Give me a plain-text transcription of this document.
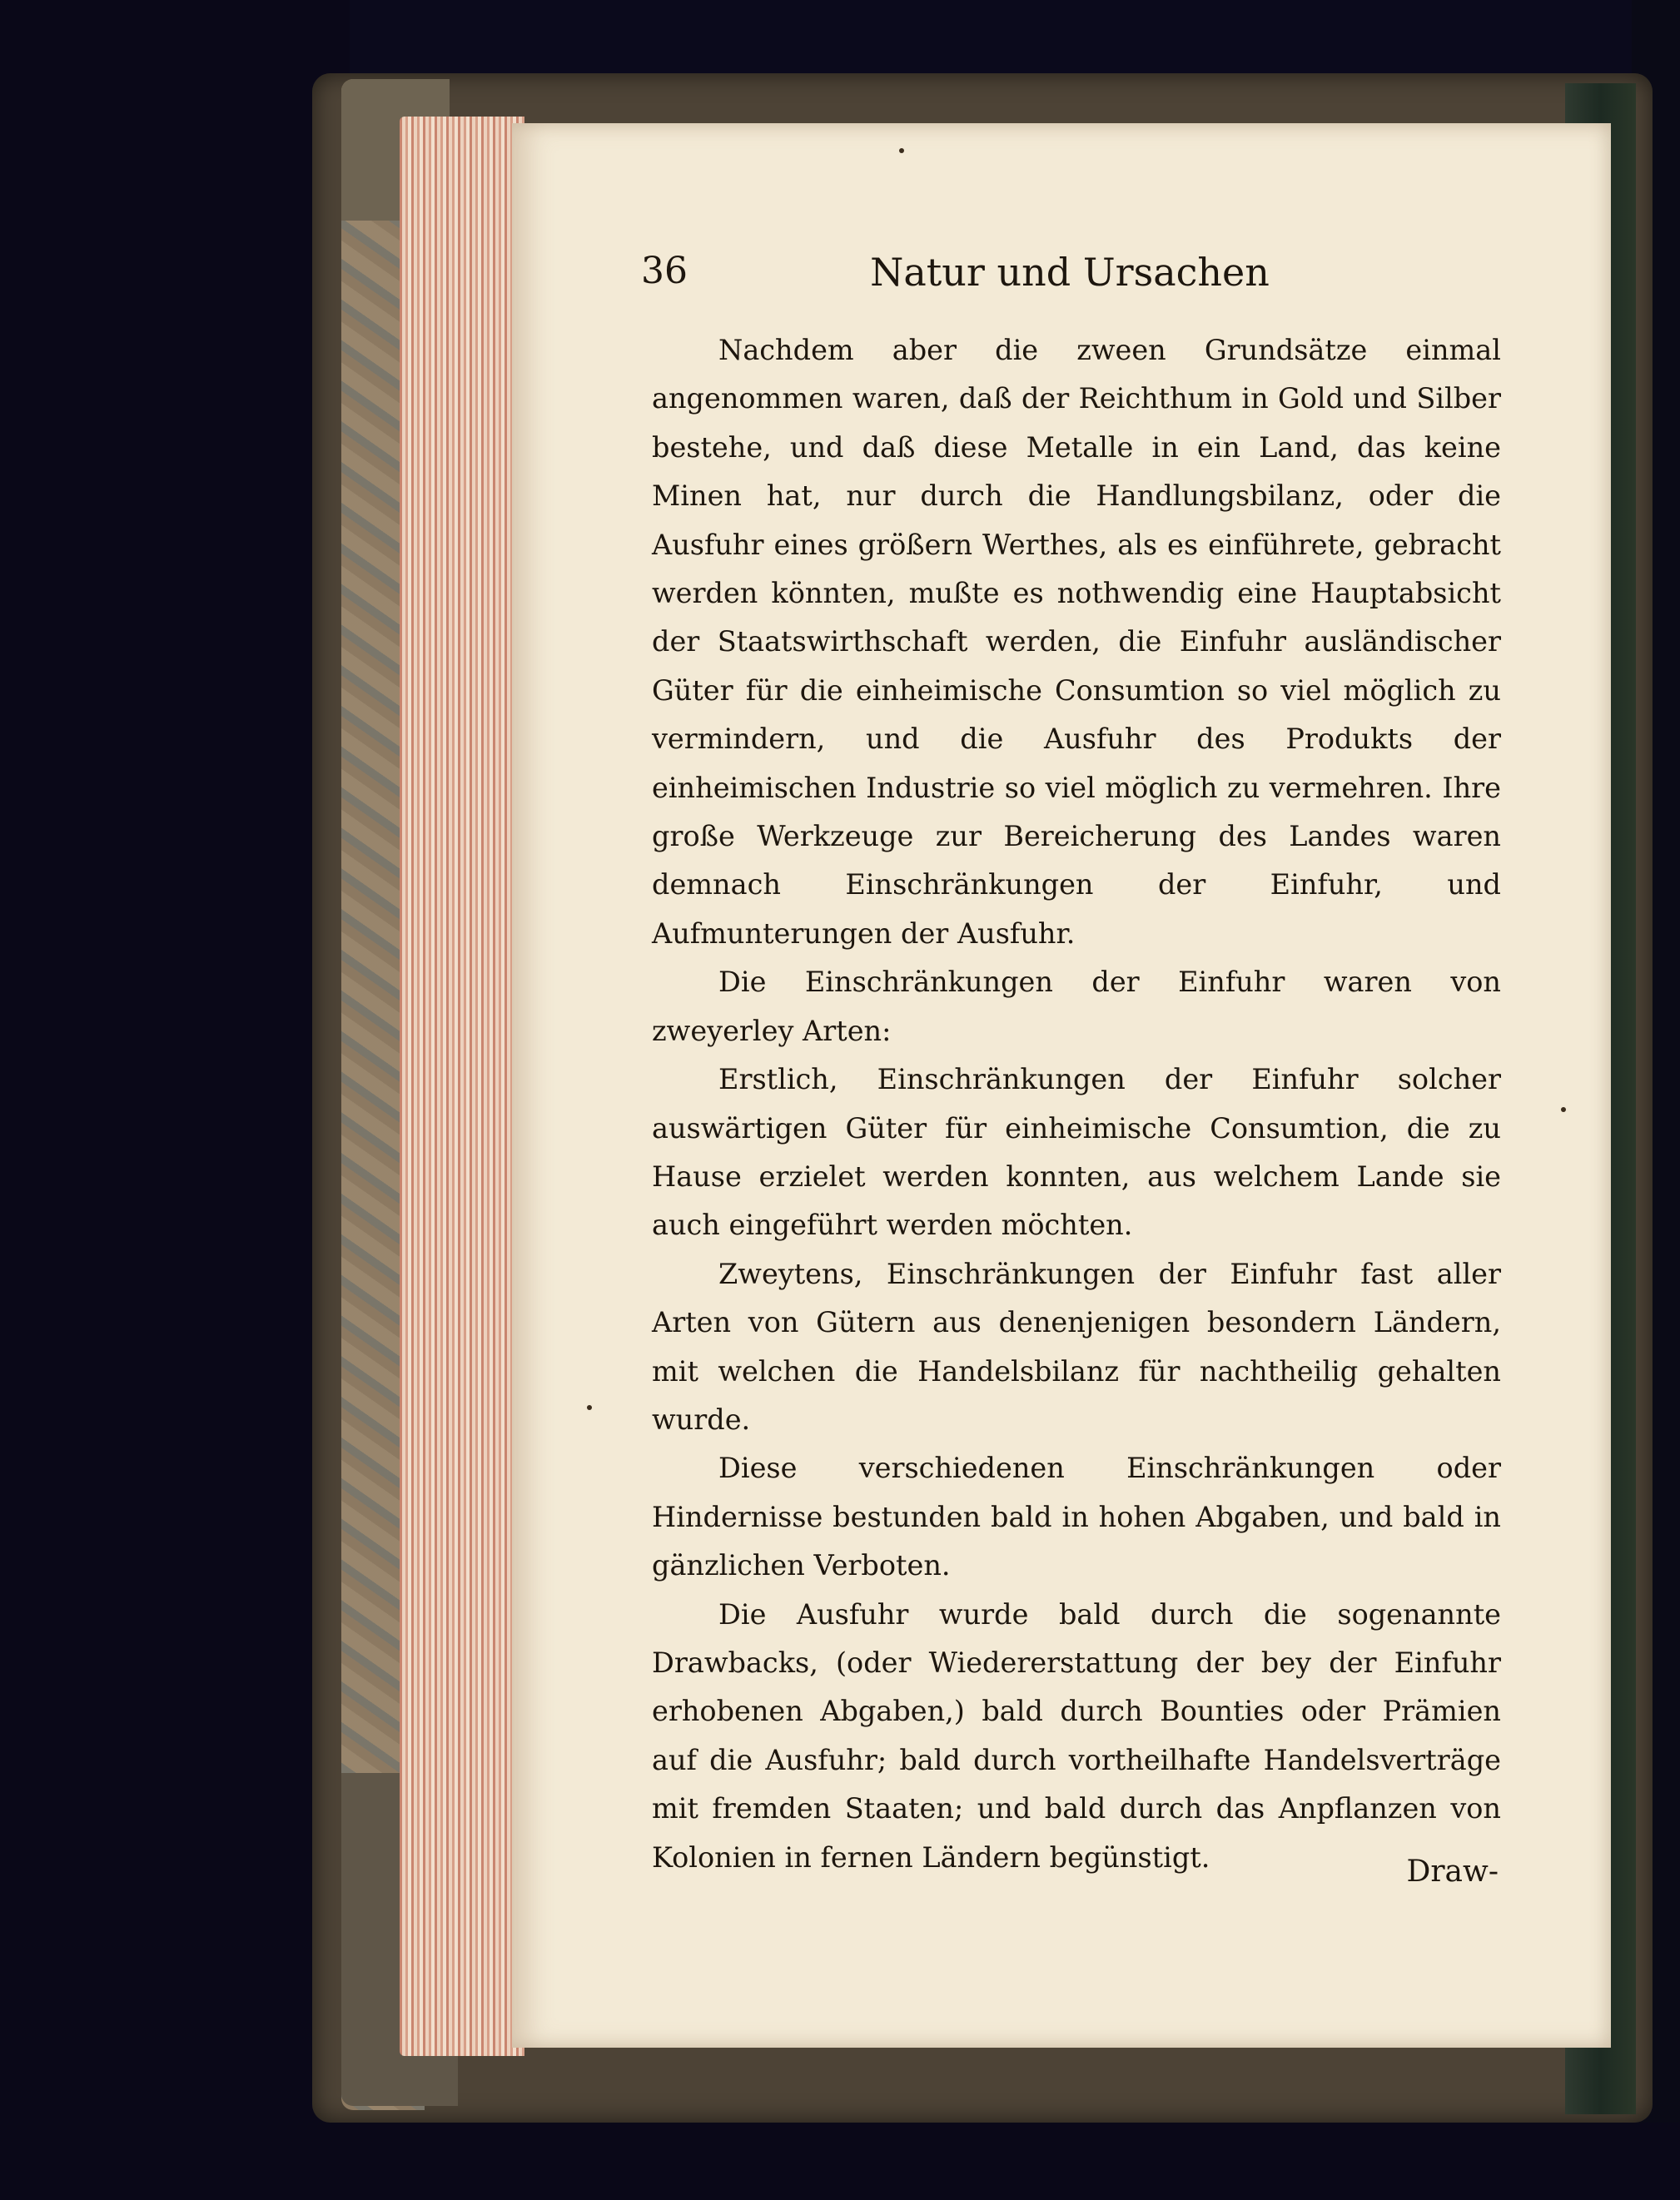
36	Natur und Ursachen

Nachdem aber die zween Grundsätze einmal angenommen waren, daß der Reichthum in Gold und Silber bestehe, und daß diese Metalle in ein Land, das keine Minen hat, nur durch die Handlungsbilanz, oder die Ausfuhr eines größern Werthes, als es einführete, gebracht werden könnten, mußte es nothwendig eine Hauptabsicht der Staatswirthschaft werden, die Einfuhr ausländischer Güter für die einheimische Consumtion so viel möglich zu vermindern, und die Ausfuhr des Produkts der einheimischen Industrie so viel möglich zu vermehren. Ihre große Werkzeuge zur Bereicherung des Landes waren demnach Einschränkungen der Einfuhr, und Aufmunterungen der Ausfuhr.

Die Einschränkungen der Einfuhr waren von zweyerley Arten:

Erstlich, Einschränkungen der Einfuhr solcher auswärtigen Güter für einheimische Consumtion, die zu Hause erzielet werden konnten, aus welchem Lande sie auch eingeführt werden möchten.

Zweytens, Einschränkungen der Einfuhr fast aller Arten von Gütern aus denenjenigen besondern Ländern, mit welchen die Handelsbilanz für nachtheilig gehalten wurde.

Diese verschiedenen Einschränkungen oder Hindernisse bestunden bald in hohen Abgaben, und bald in gänzlichen Verboten.

Die Ausfuhr wurde bald durch die sogenannte Drawbacks, (oder Wiedererstattung der bey der Einfuhr erhobenen Abgaben,) bald durch Bounties oder Prämien auf die Ausfuhr; bald durch vortheilhafte Handelsverträge mit fremden Staaten; und bald durch das Anpflanzen von Kolonien in fernen Ländern begünstigt.	Draw-
